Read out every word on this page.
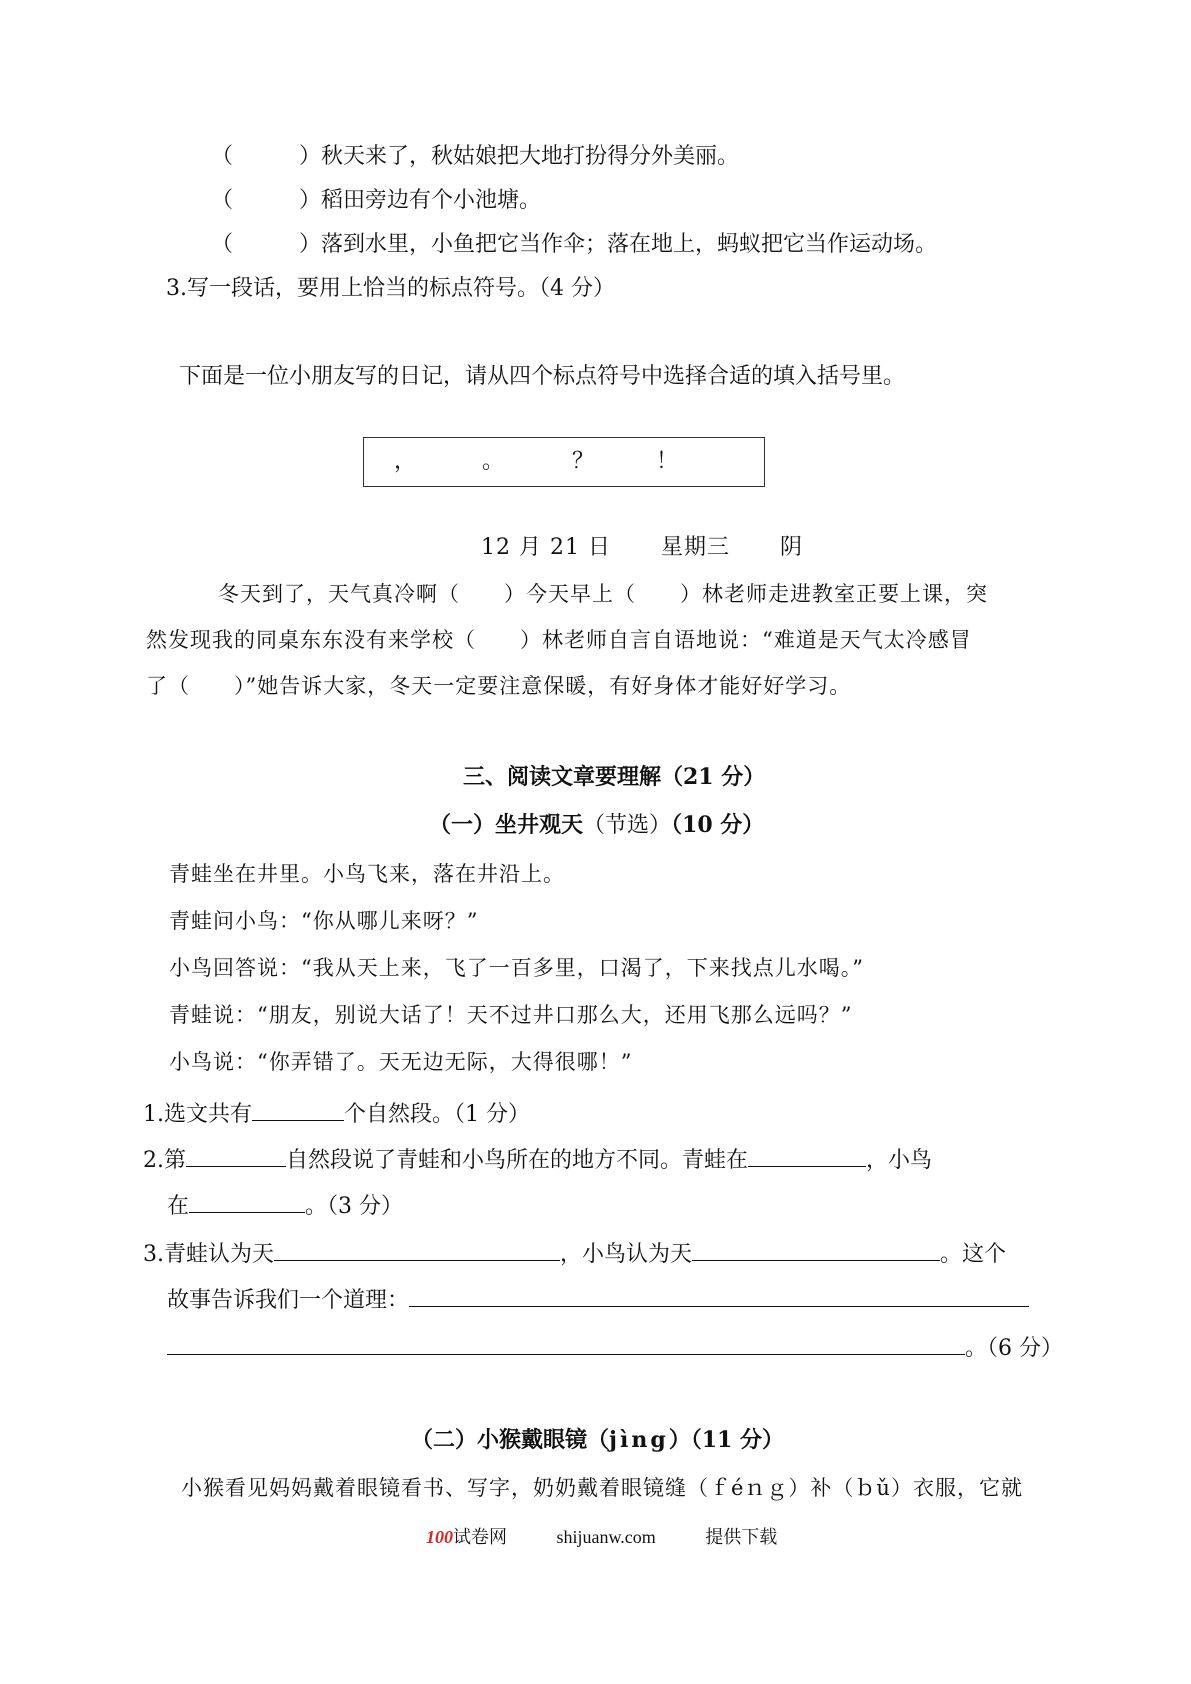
（　　　）秋天来了，秋姑娘把大地打扮得分外美丽。
（　　　）稻田旁边有个小池塘。
（　　　）落到水里，小鱼把它当作伞；落在地上，蚂蚁把它当作运动场。
3.写一段话，要用上恰当的标点符号。（4 分）
下面是一位小朋友写的日记，请从四个标点符号中选择合适的填入括号里。
，	。	？	！
12 月 21 日 星期三 阴
冬天到了，天气真冷啊（　　）今天早上（　　）林老师走进教室正要上课，突
然发现我的同桌东东没有来学校（　　）林老师自言自语地说：“难道是天气太冷感冒
了（　　）”她告诉大家，冬天一定要注意保暖，有好身体才能好好学习。
三、阅读文章要理解（21 分）
（一）坐井观天（节选）（10 分）
青蛙坐在井里。小鸟飞来，落在井沿上。
青蛙问小鸟：“你从哪儿来呀？”
小鸟回答说：“我从天上来，飞了一百多里，口渴了，下来找点儿水喝。”
青蛙说：“朋友，别说大话了！天不过井口那么大，还用飞那么远吗？”
小鸟说：“你弄错了。天无边无际，大得很哪！”
1.选文共有	个自然段。（1 分）
2.第	自然段说了青蛙和小鸟所在的地方不同。青蛙在	，小鸟
在	。（3 分）
3.青蛙认为天	，小鸟认为天	。这个
故事告诉我们一个道理：
。（6 分）
（二）小猴戴眼镜（jìng）（11 分）
小猴看见妈妈戴着眼镜看书、写字，奶奶戴着眼镜缝（ｆéｎｇ）补（ｂǔ）衣服，它就
100试卷网	shijuanw.com	提供下载
